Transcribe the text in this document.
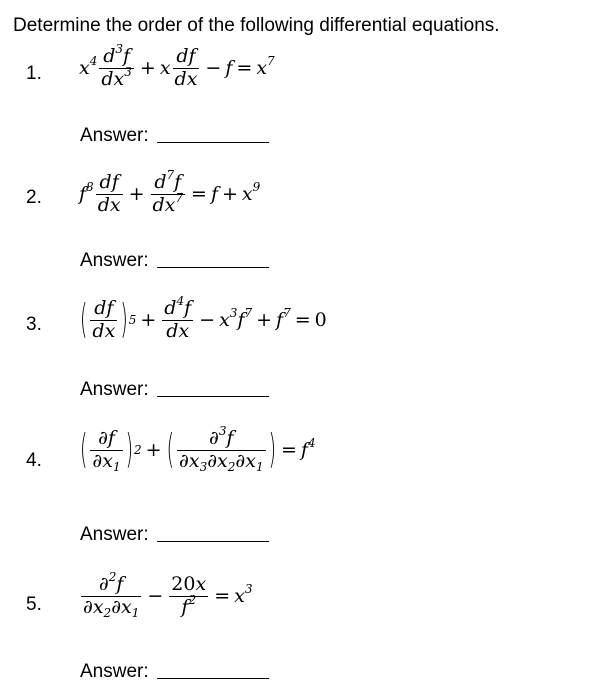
Determine the order of the following differential equations.
1. $x^4 \frac{d^3f}{dx^3} + x \frac{df}{dx} - f = x^7$
Answer:
2. $f^8 \frac{df}{dx} + \frac{d^7f}{dx^7} = f + x^9$
Answer:
3. ( $\frac{df}{dx}$ ) $5 + \frac{d^4f}{dx} - x^3f^7 + f^7 = 0$
Answer:
4. ( $\frac{\partial f}{\partial x_1}$ ) 2 + ( $\frac{\partial^3f}{\partial x_3\partial x_2\partial x_1}$ ) = $f^4$
Answer:
5. $\frac{\partial^2f}{\partial x_2\partial x_1} - \frac{20x}{f^2} = x^3$
Answer:
